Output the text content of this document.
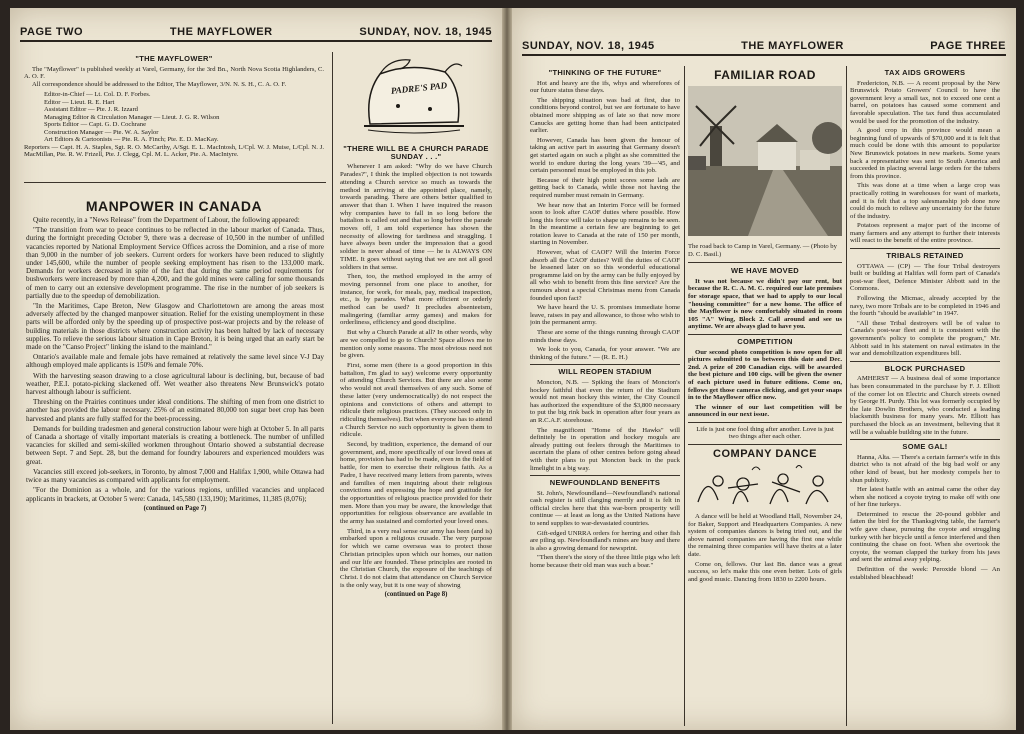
PAGE TWO	THE MAYFLOWER	SUNDAY, NOV. 18, 1945
"THE MAYFLOWER"

The "Mayflower" is published weekly at Varel, Germany, for the 3rd Bn., North Nova Scotia Highlanders, C. A. O. F.

All correspondence should be addressed to the Editor, The Mayflower, 3/N. N. S. H., C. A. O. F.

Editor-in-Chief — Lt. Col. D. F. Forbes.

Editor — Lieut. R. E. Hart

Assistant Editor — Pte. J. R. Izzard

Managing Editor & Circulation Manager — Lieut. J. G. R. Wilson

Sports Editor — Capt. G. D. Cochrane

Construction Manager — Pte. W. A. Saylor

Art Editors & Cartoonists — Pte. R. A. Finch; Pte. E. D. MacKay.

Reporters — Capt. H. A. Staples, Sgt. R. O. McCarthy, A/Sgt. E. L. MacIntosh, L/Cpl. W. J. Muise, L/Cpl. N. J. MacMillan, Pte. R. W. Frizell, Pte. J. Clegg, Cpl. M. L. Acker, Pte. A. MacIntyre.

MANPOWER IN CANADA

Quite recently, in a "News Release" from the Department of Labour, the following appeared:

"The transition from war to peace continues to be reflected in the labour market of Canada. Thus, during the fortnight preceding October 9, there was a decrease of 10,500 in the number of unfilled vacancies reported by National Employment Service Offices across the Dominion, and a rise of more than 9,000 in the number of job seekers. Current orders for workers have been reduced to slightly under 145,600, while the number of people seeking employment has risen to the 133,000 mark. Demands for workers decreased in spite of the fact that during the same period requirements for bushworkers were increased by more than 4,200, and the gold mines were calling for some thousands of men to carry out an extensive development programme. The rise in the number of job seekers is partially due to the speedup of demobilization.

"In the Maritimes, Cape Breton, New Glasgow and Charlottetown are among the areas most adversely affected by the changed manpower situation. Relief for the existing unemployment in these parts will be afforded only by the speeding up of prospective post-war projects and by the release of building materials in those districts where construction activity has been halted by lack of necessary supplies. To relieve the serious labour situation in Cape Breton, it is being urged that an early start be made on the "Canso Project" linking the island to the mainland."

Ontario's available male and female jobs have remained at relatively the same level since V-J Day although employed male applicants is 150% and female 70%.

With the harvesting season drawing to a close agricultural labour is declining, but, because of bad weather, P.E.I. potato-picking slackened off. Wet weather also threatens New Brunswick's potato harvest although labour is sufficient.

Threshing on the Prairies continues under ideal conditions. The shifting of men from one district to another has provided the labour necessary. 25% of an estimated 80,000 ton sugar beet crop has been harvested and plants are fully staffed for the beet-processing.

Demands for building tradesmen and general construction labour were high at October 5. In all parts of Canada a shortage of vitally important materials is creating a bottleneck. The number of unfilled vacancies for skilled and semi-skilled workmen throughout Ontario showed a substantial decrease between Sept. 7 and Sept. 28, but the demand for foundry labourers and experienced moulders was great.

Vacancies still exceed job-seekers, in Toronto, by almost 7,000 and Halifax 1,900, while Ottawa had twice as many vacancies as compared with applicants for employment.

"For the Dominion as a whole, and for the various regions, unfilled vacancies and unplaced applicants in brackets, at October 5 were: Canada, 145,580 (133,190); Maritimes, 11,385 (8,076);

(continued on Page 7)
PADRE'S PAD
"THERE WILL BE A CHURCH PARADE SUNDAY . . ."

Whenever I am asked: "Why do we have Church Parades?", I think the implied objection is not towards attending a Church service so much as towards the method in arriving at the appointed place, namely, towards parading. There are others better qualified to answer that than I. When I have inquired the reason why companies have to fall in so long before the battalion is called out and that so long before the parade moves off, I am told experience has shown the necessity of allowing for tardiness and straggling. I have always been under the impression that a good soldier is never ahead of time — he is ALWAYS ON TIME. It goes without saying that we are not all good soldiers in that sense.

Then, too, the method employed in the army of moving personnel from one place to another, for instance, for work, for meals, pay, medical inspection, etc., is by parades. What more efficient or orderly method can be used? It precludes absenteeism, malingering (familiar army games) and makes for orderliness, efficiency and good discipline.

But why a Church Parade at all? In other words, why are we compelled to go to Church? Space allows me to mention only some reasons. The most obvious need not be given.

First, some men (there is a good proportion in this battalion, I'm glad to say) welcome every opportunity of attending Church Services. But there are also some who would not avail themselves of any such. Some of these latter (very undemocratically) do not respect the opinions and convictions of others and attempt to ridicule their religious practices. (They succeed only in ridiculing themselves). But when everyone has to attend a Church Service no such opportunity is given them to ridicule.

Second, by tradition, experience, the demand of our government, and, more specifically of our loved ones at home, provision has had to be made, even in the field of battle, for men to exercise their religious faith. As a Padre, I have received many letters from parents, wives and families of men inquiring about their religious convictions and expressing the hope and gratitude for the opportunities of religious practice provided for their men. More than you may be aware, the knowledge that opportunities for religious observance are available in the army has sustained and comforted your loved ones.

Third, in a very real sense our army has been (and is) embarked upon a religious crusade. The very purpose for which we came overseas was to protect those Christian principles upon which our homes, our nation and our life are founded. These principles are rooted in the Christian Church, the exposure of the teachings of Christ. I do not claim that attendance on Church Service is the only way, but it is one way of showing

(continued on Page 8)
SUNDAY, NOV. 18, 1945	THE MAYFLOWER	PAGE THREE
"THINKING OF THE FUTURE"

Hot and heavy are the ifs, whys and wherefores of our future status these days.

The shipping situation was bad at first, due to conditions beyond control, but we are fortunate to have obtained more shipping as of late so that now more Canucks are getting home than had been anticipated earlier.

However, Canada has been given the honour of taking an active part in assuring that Germany doesn't get started again on such a plight as she committed the world to endure during the long years '39—'45, and certain personnel must be employed in this job.

Because of their high point scores some lads are getting back to Canada, while those not having the required number must remain in Germany.

We hear now that an Interim Force will be formed soon to look after CAOF duties where possible. How long this force will take to shape up remains to be seen. In the meantime a certain few are beginning to get rotation leave to Canada at the rate of 150 per month, starting in November.

However, what of CAOF? Will the Interim Force absorb all the CAOF duties? Will the duties of CAOF be lessened later on so this wonderful educational programme laid on by the army can be fully enjoyed by all who wish to benefit from this fine service? Are the rumours about a special Christmas menu from Canada founded upon fact?

We have heard the U. S. promises immediate home leave, raises in pay and allowance, to those who wish to join the permanent army.

These are some of the things running through CAOF minds these days.

We look to you, Canada, for your answer. "We are thinking of the future." — (R. E. H.)

WILL REOPEN STADIUM

Moncton, N.B. — Spiking the fears of Moncton's hockey faithful that even the return of the Stadium would not mean hockey this winter, the City Council has authorized the expenditure of the $3,800 necessary to put the big rink back in operation after four years as an R.C.A.F. storehouse.

The magnificent "Home of the Hawks" will definitely be in operation and hockey moguls are already putting out feelers through the Maritimes to ascertain the plans of other centres before going ahead with their plans to put Moncton back in the puck limelight in a big way.

NEWFOUNDLAND BENEFITS

St. John's, Newfoundland—Newfoundland's national cash register is still clanging merrily and it is felt in official circles here that this war-born prosperity will continue — at least as long as the United Nations have to send supplies to war-devastated countries.

Gift-edged UNRRA orders for herring and other fish are piling up. Newfoundland's mines are busy and there is also a growing demand for newsprint.

"Then there's the story of the three little pigs who left home because their old man was such a boar."

FAMILIAR ROAD
The road back to Camp in Varel, Germany. — (Photo by D. C. Basil.)
WE HAVE MOVED

It was not because we didn't pay our rent, but because the R. C. A. M. C. required our late premises for storage space, that we had to apply to our local "housing committee" for a new home. The office of the Mayflower is now comfortably situated in room 105 "A" Wing, Block 2. Call around and see us anytime. We are always glad to have you.

COMPETITION

Our second photo competition is now open for all pictures submitted to us between this date and Dec. 2nd. A prize of 200 Canadian cigs. will be awarded the best picture and 100 cigs. will be given the owner of each picture used in future editions. Come on, fellows get those cameras clicking, and get your snaps in to the Mayflower office now.

The winner of our last competition will be announced in our next issue.

Life is just one fool thing after another. Love is just two things after each other.

COMPANY DANCE

A dance will be held at Woodland Hall, November 24, for Baker, Support and Headquarters Companies. A new system of companies dances is being tried out, and the above named companies are having the first one while the remaining three companies will have theirs at a later date.

Come on, fellows. Our last Bn. dance was a great success, so let's make this one even better. Lots of girls and good music. Dancing from 1830 to 2200 hours.

TAX AIDS GROWERS

Fredericton, N.B. — A recent proposal by the New Brunswick Potato Growers' Council to have the government levy a small tax, not to exceed one cent a barrel, on potatoes has caused some comment and favorable speculation. The tax fund thus accumulated would be used for the promotion of the industry.

A good crop in this province would mean a beginning fund of upwards of $70,000 and it is felt that much could be done with this amount to popularize New Brunswick potatoes in new markets. Some years back a representative was sent to South America and succeeded in placing several large orders for the tubers from this province.

This was done at a time when a large crop was practically rotting in warehouses for want of markets, and it is felt that a top salesmanship job done now could do much to relieve any uncertainty for the future of the industry.

Potatoes represent a major part of the income of many farmers and any attempt to further their interests will react to the benefit of the entire province.

TRIBALS RETAINED

OTTAWA — (CP) — The four Tribal destroyers built or building at Halifax will form part of Canada's post-war fleet, Defence Minister Abbott said in the Commons.

Following the Micmac, already accepted by the navy, two more Tribals are to be completed in 1946 and the fourth "should be available" in 1947.

"All these Tribal destroyers will be of value to Canada's post-war fleet and it is consistent with the government's policy to complete the program," Mr. Abbott said in his statement on naval estimates in the war and demobilization expenditures bill.

BLOCK PURCHASED

AMHERST — A business deal of some importance has been consummated in the purchase by F. J. Elliott of the corner lot on Electric and Church streets owned by George H. Purdy. This lot was formerly occupied by the late Dowlin Brothers, who conducted a leading blacksmith business for many years. Mr. Elliott has purchased the block as an investment, believing that it will be a valuable building site in the future.

SOME GAL!

Hanna, Alta. — There's a certain farmer's wife in this district who is not afraid of the big bad wolf or any other kind of beast, but her modesty compels her to shun publicity.

Her latest battle with an animal came the other day when she noticed a coyote trying to make off with one of her fine turkeys.

Determined to rescue the 20-pound gobbler and fatten the bird for the Thanksgiving table, the farmer's wife gave chase, pursuing the coyote and struggling turkey with her bicycle until a fence interfered and then continuing the chase on foot. When she overtook the coyote, the woman clapped the turkey from his jaws and sent the animal away yelping.

Definition of the week: Peroxide blond — An established bleachhead!
